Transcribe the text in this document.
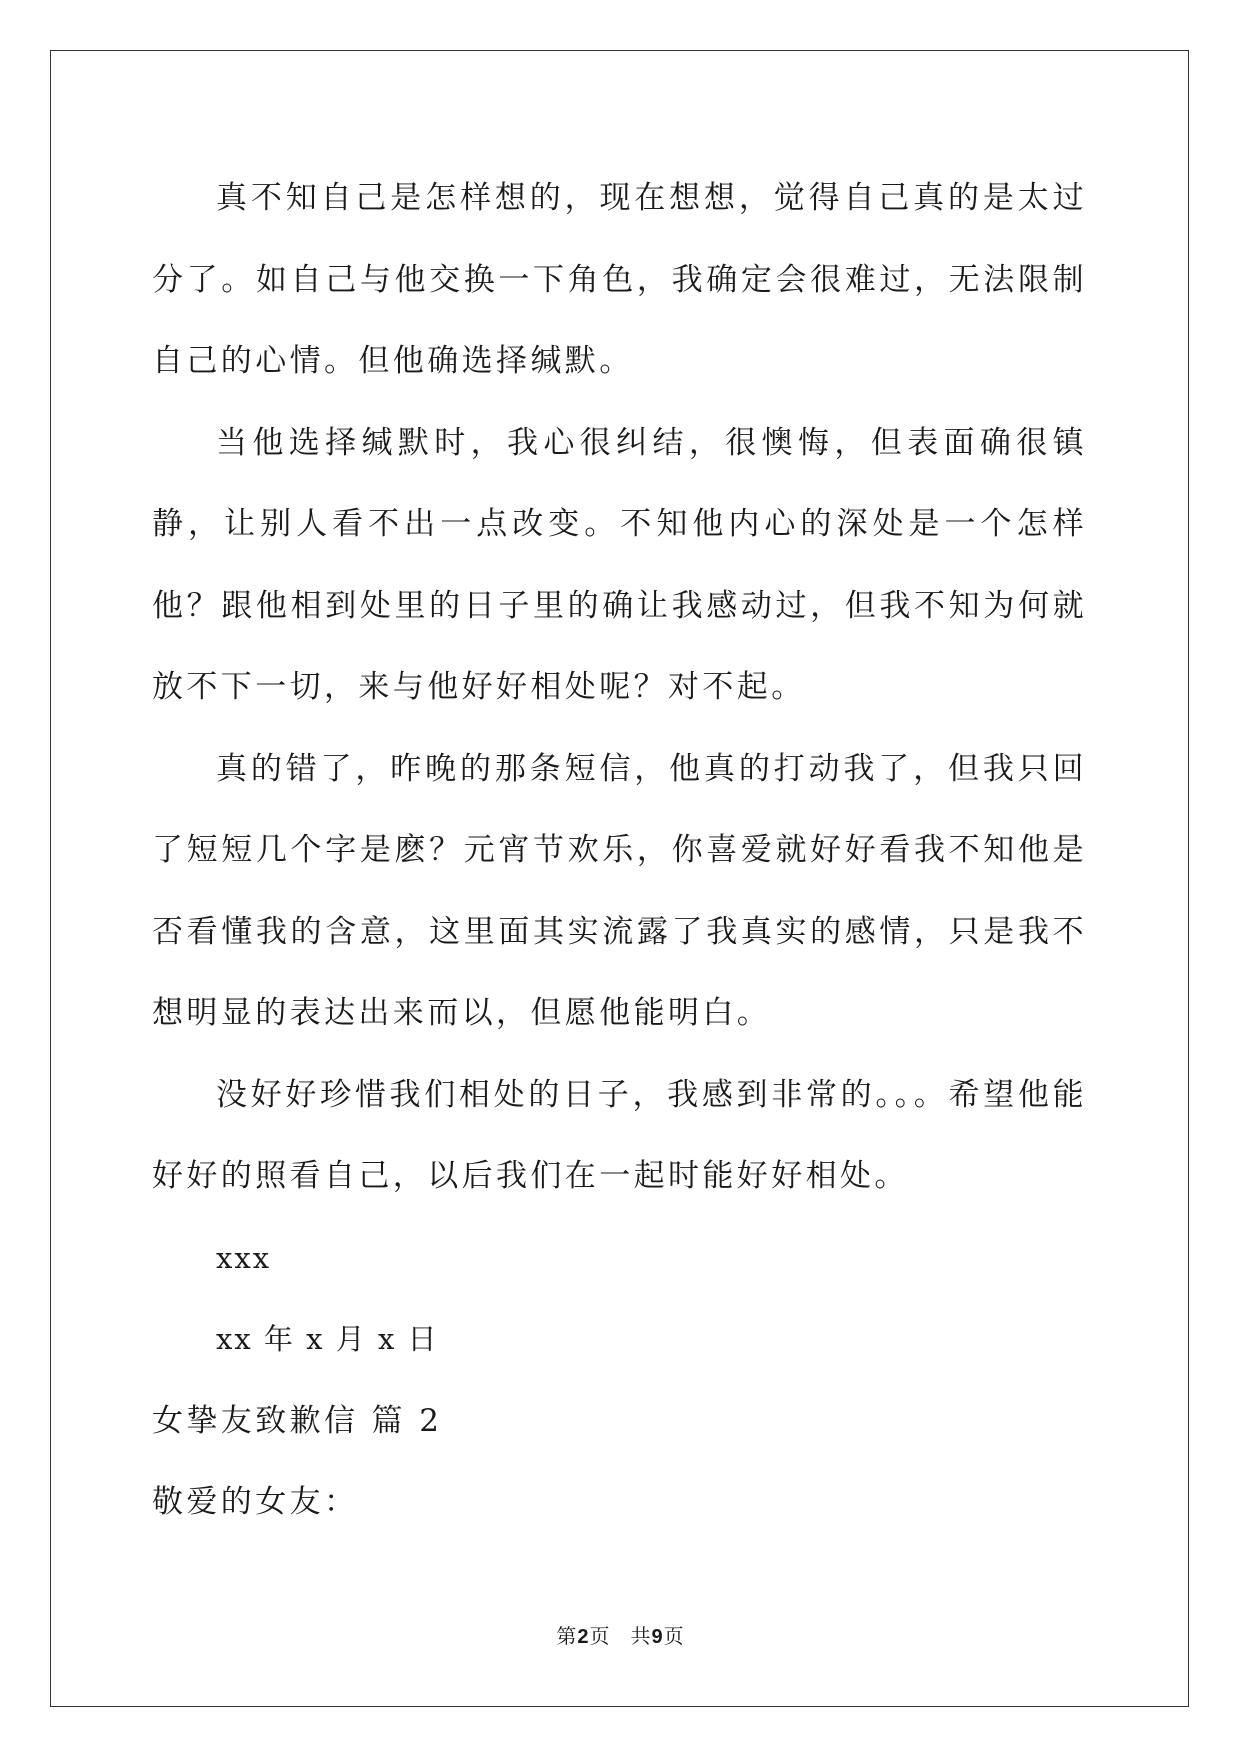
真不知自己是怎样想的，现在想想，觉得自己真的是太过分了。如自己与他交换一下角色，我确定会很难过，无法限制自己的心情。但他确选择缄默。

当他选择缄默时，我心很纠结，很懊悔，但表面确很镇静，让别人看不出一点改变。不知他内心的深处是一个怎样他？跟他相到处里的日子里的确让我感动过，但我不知为何就放不下一切，来与他好好相处呢？对不起。

真的错了，昨晚的那条短信，他真的打动我了，但我只回了短短几个字是麽？元宵节欢乐，你喜爱就好好看我不知他是否看懂我的含意，这里面其实流露了我真实的感情，只是我不想明显的表达出来而以，但愿他能明白。

没好好珍惜我们相处的日子，我感到非常的。。。希望他能好好的照看自己，以后我们在一起时能好好相处。

xxx

xx 年 x 月 x 日

女挚友致歉信 篇 2

敬爱的女友：

第2页 共9页
